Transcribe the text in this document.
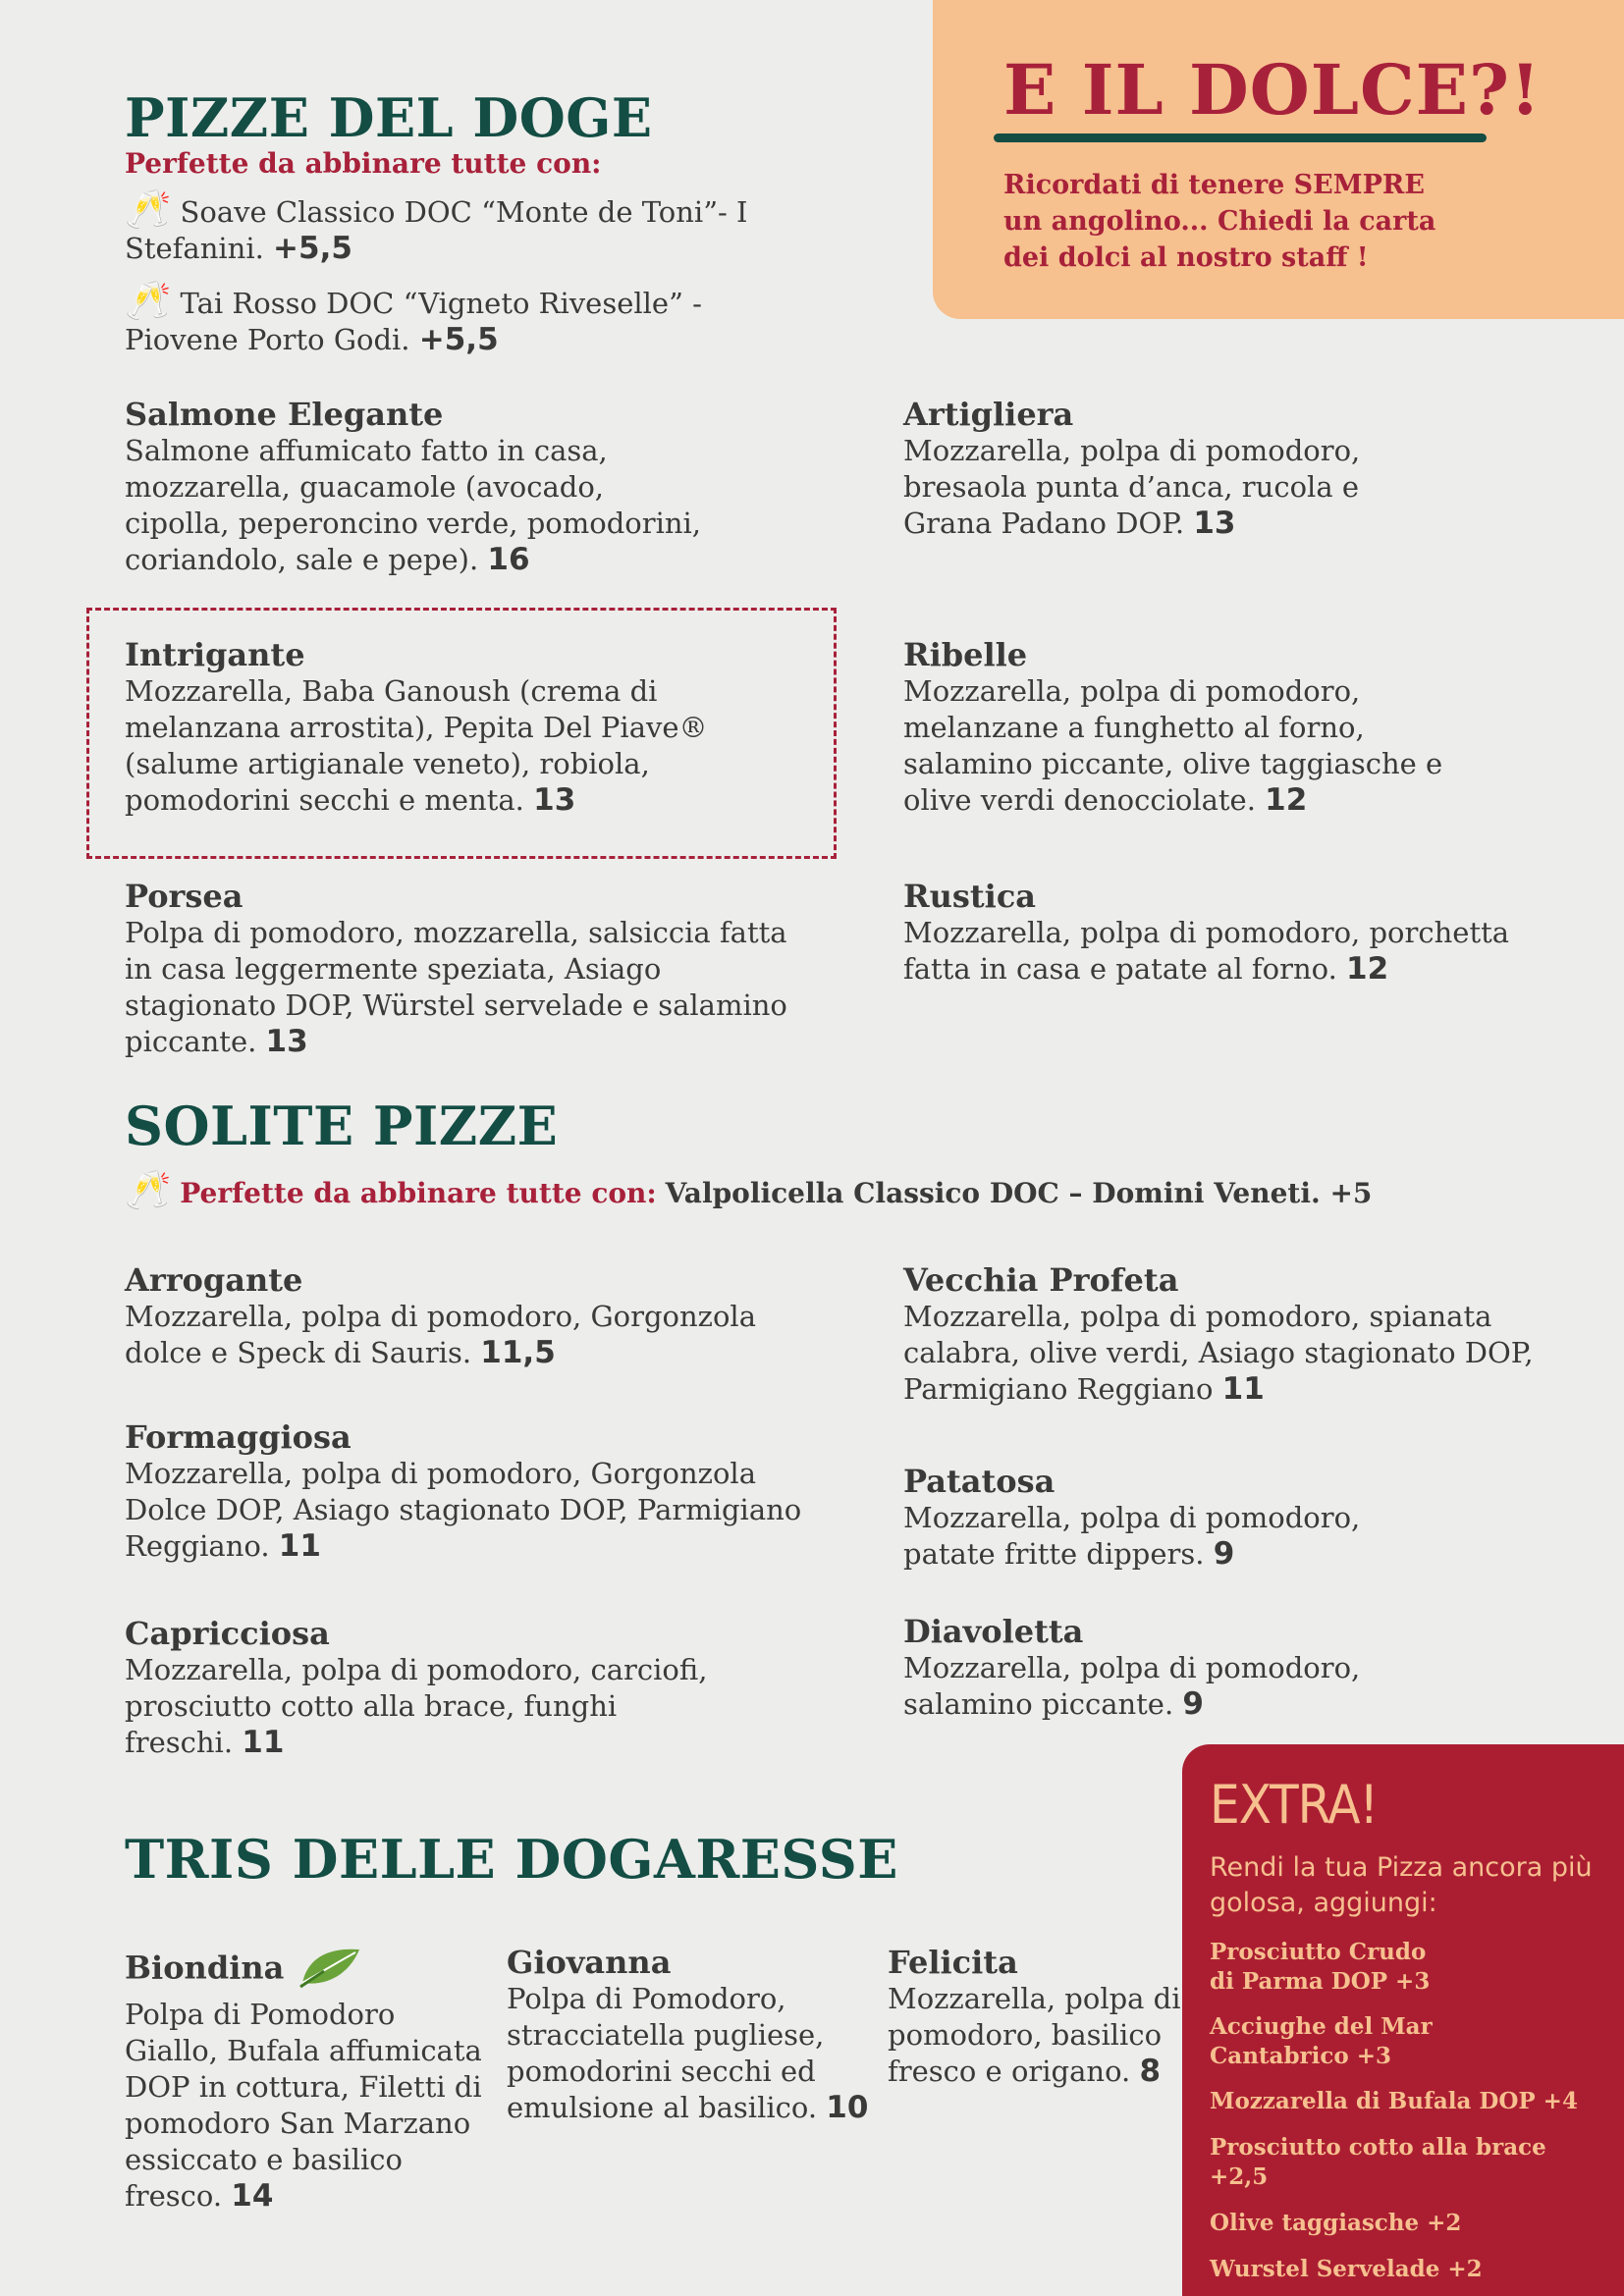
E IL DOLCE?!
Ricordati di tenere SEMPRE un angolino... Chiedi la carta dei dolci al nostro staff !
PIZZE DEL DOGE
Perfette da abbinare tutte con:
🥂 Soave Classico DOC “Monte de Toni”- I Stefanini. +5,5
🥂 Tai Rosso DOC “Vigneto Riveselle” - Piovene Porto Godi. +5,5
Salmone Elegante
Salmone affumicato fatto in casa, mozzarella, guacamole (avocado, cipolla, peperoncino verde, pomodorini, coriandolo, sale e pepe). 16
Artigliera
Mozzarella, polpa di pomodoro, bresaola punta d’anca, rucola e Grana Padano DOP. 13
Intrigante
Mozzarella, Baba Ganoush (crema di melanzana arrostita), Pepita Del Piave® (salume artigianale veneto), robiola, pomodorini secchi e menta. 13
Ribelle
Mozzarella, polpa di pomodoro, melanzane a funghetto al forno, salamino piccante, olive taggiasche e olive verdi denocciolate. 12
Porsea
Polpa di pomodoro, mozzarella, salsiccia fatta in casa leggermente speziata, Asiago stagionato DOP, Würstel servelade e salamino piccante. 13
Rustica
Mozzarella, polpa di pomodoro, porchetta fatta in casa e patate al forno. 12
SOLITE PIZZE
🥂 Perfette da abbinare tutte con: Valpolicella Classico DOC – Domini Veneti. +5
Arrogante
Mozzarella, polpa di pomodoro, Gorgonzola dolce e Speck di Sauris. 11,5
Vecchia Profeta
Mozzarella, polpa di pomodoro, spianata calabra, olive verdi, Asiago stagionato DOP, Parmigiano Reggiano 11
Formaggiosa
Mozzarella, polpa di pomodoro, Gorgonzola Dolce DOP, Asiago stagionato DOP, Parmigiano Reggiano. 11
Patatosa
Mozzarella, polpa di pomodoro, patate fritte dippers. 9
Capricciosa
Mozzarella, polpa di pomodoro, carciofi, prosciutto cotto alla brace, funghi freschi. 11
Diavoletta
Mozzarella, polpa di pomodoro, salamino piccante. 9
TRIS DELLE DOGARESSE
Biondina
Polpa di Pomodoro Giallo, Bufala affumicata DOP in cottura, Filetti di pomodoro San Marzano essiccato e basilico fresco. 14
Giovanna
Polpa di Pomodoro, stracciatella pugliese, pomodorini secchi ed emulsione al basilico. 10
Felicita
Mozzarella, polpa di pomodoro, basilico fresco e origano. 8
EXTRA!
Rendi la tua Pizza ancora più golosa, aggiungi:
Prosciutto Crudo di Parma DOP +3
Acciughe del Mar Cantabrico +3
Mozzarella di Bufala DOP +4
Prosciutto cotto alla brace +2,5
Olive taggiasche +2
Wurstel Servelade +2
